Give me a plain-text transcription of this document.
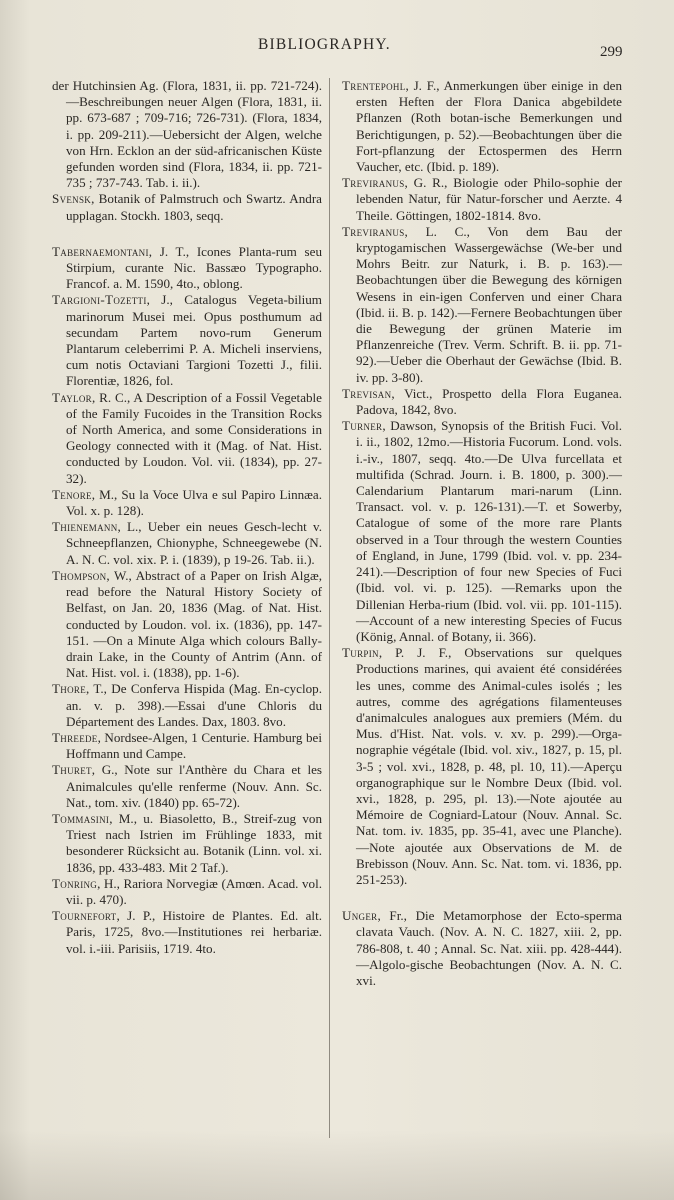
BIBLIOGRAPHY.	299

der Hutchinsien Ag. (Flora, 1831, ii. pp. 721-724).—Beschreibungen neuer Algen (Flora, 1831, ii. pp. 673-687 ; 709-716; 726-731). (Flora, 1834, i. pp. 209-211).—Uebersicht der Algen, welche von Hrn. Ecklon an der süd-africanischen Küste gefunden worden sind (Flora, 1834, ii. pp. 721-735 ; 737-743. Tab. i. ii.).

Svensk, Botanik of Palmstruch och Swartz. Andra upplagan. Stockh. 1803, seqq.

Tabernaemontani, J. T., Icones Planta-rum seu Stirpium, curante Nic. Bassæo Typographo. Francof. a. M. 1590, 4to., oblong.

Targioni-Tozetti, J., Catalogus Vegeta-bilium marinorum Musei mei. Opus posthumum ad secundam Partem novo-rum Generum Plantarum celeberrimi P. A. Micheli inserviens, cum notis Octaviani Targioni Tozetti J., filii. Florentiæ, 1826, fol.

Taylor, R. C., A Description of a Fossil Vegetable of the Family Fucoides in the Transition Rocks of North America, and some Considerations in Geology connected with it (Mag. of Nat. Hist. conducted by Loudon. Vol. vii. (1834), pp. 27-32).

Tenore, M., Su la Voce Ulva e sul Papiro Linnæa. Vol. x. p. 128).

Thienemann, L., Ueber ein neues Gesch-lecht v. Schneepflanzen, Chionyphe, Schneegewebe (N. A. N. C. vol. xix. P. i. (1839), p 19-26. Tab. ii.).

Thompson, W., Abstract of a Paper on Irish Algæ, read before the Natural History Society of Belfast, on Jan. 20, 1836 (Mag. of Nat. Hist. conducted by Loudon. vol. ix. (1836), pp. 147-151. —On a Minute Alga which colours Bally-drain Lake, in the County of Antrim (Ann. of Nat. Hist. vol. i. (1838), pp. 1-6).

Thore, T., De Conferva Hispida (Mag. En-cyclop. an. v. p. 398).—Essai d'une Chloris du Département des Landes. Dax, 1803. 8vo.

Threede, Nordsee-Algen, 1 Centurie. Hamburg bei Hoffmann und Campe.

Thuret, G., Note sur l'Anthère du Chara et les Animalcules qu'elle renferme (Nouv. Ann. Sc. Nat., tom. xiv. (1840) pp. 65-72).

Tommasini, M., u. Biasoletto, B., Streif-zug von Triest nach Istrien im Frühlinge 1833, mit besonderer Rücksicht au. Botanik (Linn. vol. xi. 1836, pp. 433-483. Mit 2 Taf.).

Tonring, H., Rariora Norvegiæ (Amœn. Acad. vol. vii. p. 470).

Tournefort, J. P., Histoire de Plantes. Ed. alt. Paris, 1725, 8vo.—Institutiones rei herbariæ. vol. i.-iii. Parisiis, 1719. 4to.

Trentepohl, J. F., Anmerkungen über einige in den ersten Heften der Flora Danica abgebildete Pflanzen (Roth botan-ische Bemerkungen und Berichtigungen, p. 52).—Beobachtungen über die Fort-pflanzung der Ectospermen des Herrn Vaucher, etc. (Ibid. p. 189).

Treviranus, G. R., Biologie oder Philo-sophie der lebenden Natur, für Natur-forscher und Aerzte. 4 Theile. Göttingen, 1802-1814. 8vo.

Treviranus, L. C., Von dem Bau der kryptogamischen Wassergewächse (We-ber und Mohrs Beitr. zur Naturk, i. B. p. 163).—Beobachtungen über die Bewegung des körnigen Wesens in ein-igen Conferven und einer Chara (Ibid. ii. B. p. 142).—Fernere Beobachtungen über die Bewegung der grünen Materie im Pflanzenreiche (Trev. Verm. Schrift. B. ii. pp. 71-92).—Ueber die Oberhaut der Gewächse (Ibid. B. iv. pp. 3-80).

Trevisan, Vict., Prospetto della Flora Euganea. Padova, 1842, 8vo.

Turner, Dawson, Synopsis of the British Fuci. Vol. i. ii., 1802, 12mo.—Historia Fucorum. Lond. vols. i.-iv., 1807, seqq. 4to.—De Ulva furcellata et multifida (Schrad. Journ. i. B. 1800, p. 300).—Calendarium Plantarum mari-narum (Linn. Transact. vol. v. p. 126-131).—T. et Sowerby, Catalogue of some of the more rare Plants observed in a Tour through the western Counties of England, in June, 1799 (Ibid. vol. v. pp. 234-241).—Description of four new Species of Fuci (Ibid. vol. vi. p. 125). —Remarks upon the Dillenian Herba-rium (Ibid. vol. vii. pp. 101-115).—Account of a new interesting Species of Fucus (König, Annal. of Botany, ii. 366).

Turpin, P. J. F., Observations sur quelques Productions marines, qui avaient été considérées les unes, comme des Animal-cules isolés ; les autres, comme des agrégations filamenteuses d'animalcules analogues aux premiers (Mém. du Mus. d'Hist. Nat. vols. v. xv. p. 299).—Orga-nographie végétale (Ibid. vol. xiv., 1827, p. 15, pl. 3-5 ; vol. xvi., 1828, p. 48, pl. 10, 11).—Aperçu organographique sur le Nombre Deux (Ibid. vol. xvi., 1828, p. 295, pl. 13).—Note ajoutée au Mémoire de Cogniard-Latour (Nouv. Annal. Sc. Nat. tom. iv. 1835, pp. 35-41, avec une Planche).—Note ajoutée aux Observations de M. de Brebisson (Nouv. Ann. Sc. Nat. tom. vi. 1836, pp. 251-253).

Unger, Fr., Die Metamorphose der Ecto-sperma clavata Vauch. (Nov. A. N. C. 1827, xiii. 2, pp. 786-808, t. 40 ; Annal. Sc. Nat. xiii. pp. 428-444).—Algolo-gische Beobachtungen (Nov. A. N. C. xvi.
